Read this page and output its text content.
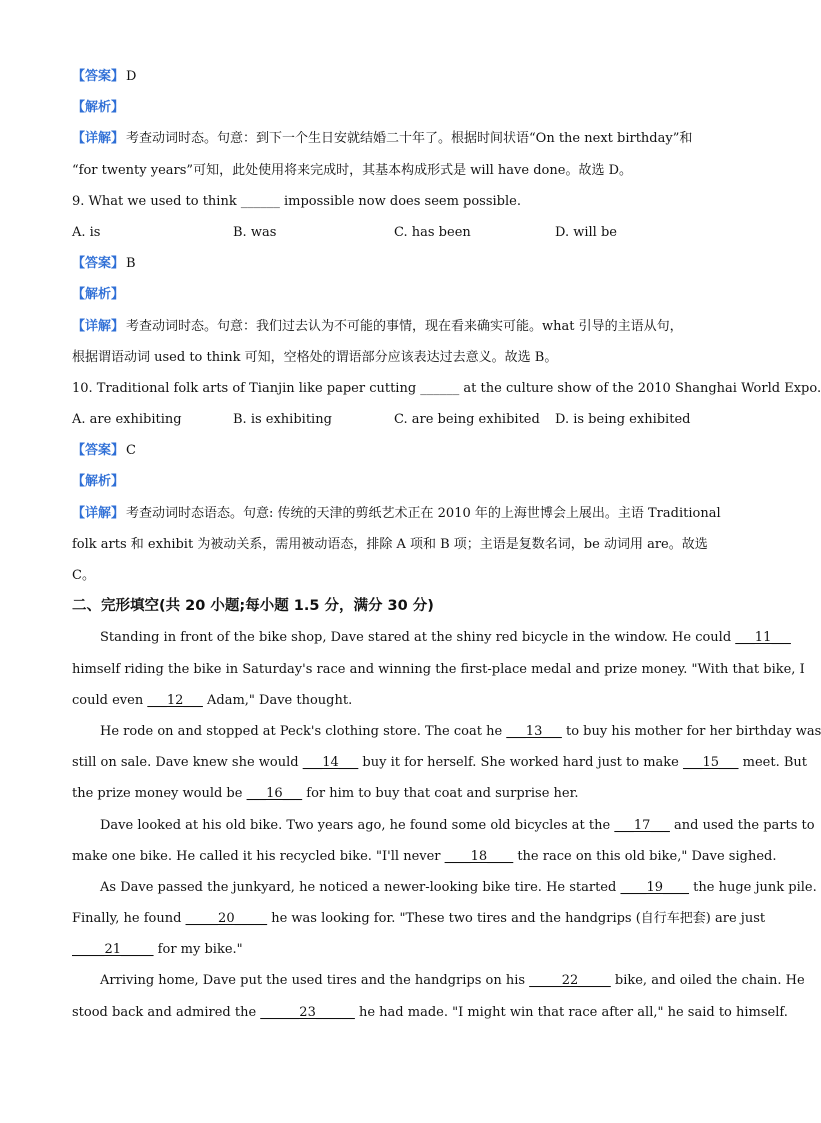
【答案】 D
【解析】
【详解】 考查动词时态。句意：到下一个生日安就结婚二十年了。根据时间状语“On the next birthday”和
“for twenty years”可知，此处使用将来完成时，其基本构成形式是 will have done。故选 D。
9. What we used to think ______ impossible now does seem possible.
A. is	B. was	C. has been	D. will be
【答案】 B
【解析】
【详解】 考查动词时态。句意：我们过去认为不可能的事情，现在看来确实可能。what 引导的主语从句，
根据谓语动词 used to think 可知，空格处的谓语部分应该表达过去意义。故选 B。
10. Traditional folk arts of Tianjin like paper cutting ______ at the culture show of the 2010 Shanghai World Expo.
A. are exhibiting	B. is exhibiting	C. are being exhibited	D. is being exhibited
【答案】 C
【解析】
【详解】 考查动词时态语态。句意: 传统的天津的剪纸艺术正在 2010 年的上海世博会上展出。主语 Traditional
folk arts 和 exhibit 为被动关系，需用被动语态，排除 A 项和 B 项；主语是复数名词，be 动词用 are。故选
C。
二、完形填空(共 20 小题;每小题 1.5 分，满分 30 分)
Standing in front of the bike shop, Dave stared at the shiny red bicycle in the window. He could ___11___
himself riding the bike in Saturday's race and winning the first-place medal and prize money. "With that bike, I
could even ___12___ Adam," Dave thought.
He rode on and stopped at Peck's clothing store. The coat he ___13___ to buy his mother for her birthday was
still on sale. Dave knew she would ___14___ buy it for herself. She worked hard just to make ___15___ meet. But
the prize money would be ___16___ for him to buy that coat and surprise her.
Dave looked at his old bike. Two years ago, he found some old bicycles at the ___17___ and used the parts to
make one bike. He called it his recycled bike. "I'll never ____18____ the race on this old bike," Dave sighed.
As Dave passed the junkyard, he noticed a newer-looking bike tire. He started ____19____ the huge junk pile.
Finally, he found _____20_____ he was looking for. "These two tires and the handgrips (自行车把套) are just
_____21_____ for my bike."
Arriving home, Dave put the used tires and the handgrips on his _____22_____ bike, and oiled the chain. He
stood back and admired the ______23______ he had made. "I might win that race after all," he said to himself.
